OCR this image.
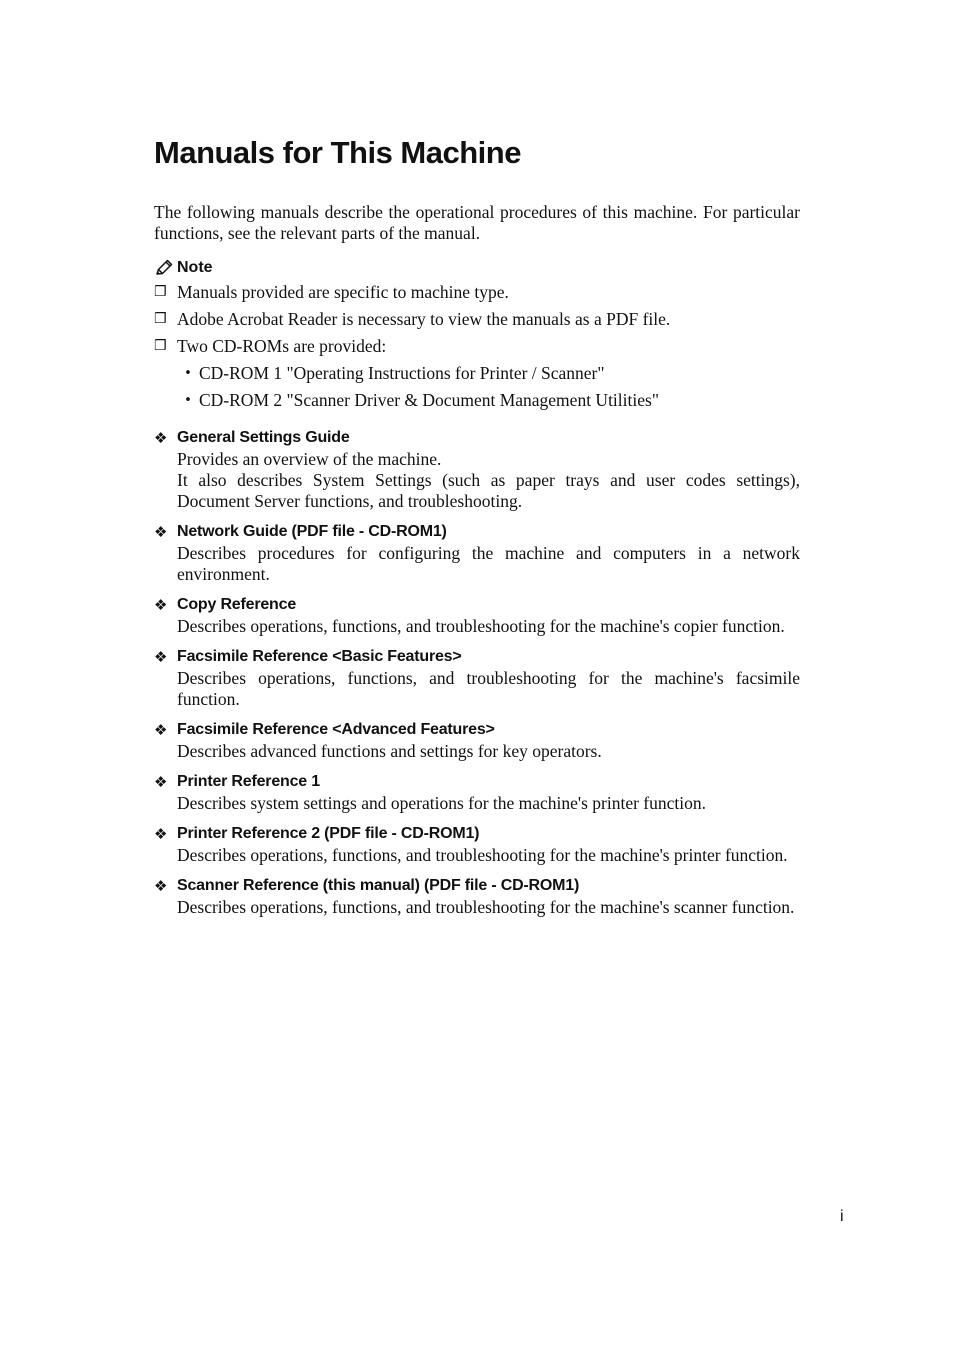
Manuals for This Machine

The following manuals describe the operational procedures of this machine. For particular functions, see the relevant parts of the manual.

Note
❒ Manuals provided are specific to machine type.
❒ Adobe Acrobat Reader is necessary to view the manuals as a PDF file.
❒ Two CD-ROMs are provided:
• CD-ROM 1 "Operating Instructions for Printer / Scanner"
• CD-ROM 2 "Scanner Driver & Document Management Utilities"
❖ General Settings Guide
Provides an overview of the machine.
It also describes System Settings (such as paper trays and user codes settings), Document Server functions, and troubleshooting.
❖ Network Guide (PDF file - CD-ROM1)
Describes procedures for configuring the machine and computers in a network environment.
❖ Copy Reference
Describes operations, functions, and troubleshooting for the machine's copier function.
❖ Facsimile Reference <Basic Features>
Describes operations, functions, and troubleshooting for the machine's facsimile function.
❖ Facsimile Reference <Advanced Features>
Describes advanced functions and settings for key operators.
❖ Printer Reference 1
Describes system settings and operations for the machine's printer function.
❖ Printer Reference 2 (PDF file - CD-ROM1)
Describes operations, functions, and troubleshooting for the machine's printer function.
❖ Scanner Reference (this manual) (PDF file - CD-ROM1)
Describes operations, functions, and troubleshooting for the machine's scanner function.
i
